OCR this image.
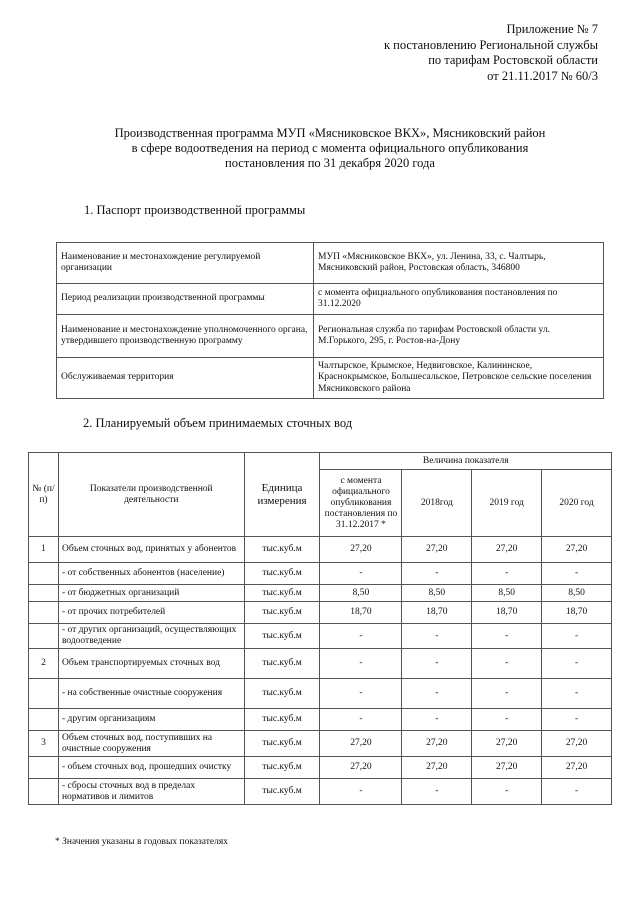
Приложение № 7
к постановлению Региональной службы
по тарифам Ростовской области
от 21.11.2017 № 60/3
Производственная программа МУП «Мясниковское ВКХ», Мясниковский район
в сфере водоотведения на период с момента официального опубликования
постановления по 31 декабря 2020 года
1. Паспорт производственной программы
Наименование и местонахождение регулируемой организации	МУП «Мясниковское ВКХ», ул. Ленина, 33, с. Чалтырь, Мясниковский район, Ростовская область, 346800
Период реализации производственной программы	с момента официального опубликования постановления по 31.12.2020
Наименование и местонахождение уполномоченного органа, утвердившего производственную программу	Региональная служба по тарифам Ростовской области ул. М.Горького, 295, г. Ростов-на-Дону
Обслуживаемая территория	Чалтырское, Крымское, Недвиговское, Калининское, Краснокрымское, Большесальское, Петровское сельские поселения Мясниковского района
2. Планируемый объем принимаемых сточных вод
№ (п/п)	Показатели производственной деятельности	Единица измерения	Величина показателя			
			с момента официального опубликования постановления по 31.12.2017 *	2018год	2019 год	2020 год
1	Объем сточных вод, принятых у абонентов	тыс.куб.м	27,20	27,20	27,20	27,20
	- от собственных абонентов (население)	тыс.куб.м	-	-	-	-
	- от бюджетных организаций	тыс.куб.м	8,50	8,50	8,50	8,50
	- от прочих потребителей	тыс.куб.м	18,70	18,70	18,70	18,70
	- от других организаций, осуществляющих водоотведение	тыс.куб.м	-	-	-	-
2	Объем транспортируемых сточных вод	тыс.куб.м	-	-	-	-
	- на собственные очистные сооружения	тыс.куб.м	-	-	-	-
	- другим организациям	тыс.куб.м	-	-	-	-
3	Объем сточных вод, поступивших на очистные сооружения	тыс.куб.м	27,20	27,20	27,20	27,20
	- объем сточных вод, прошедших очистку	тыс.куб.м	27,20	27,20	27,20	27,20
	- сбросы сточных вод в пределах нормативов и лимитов	тыс.куб.м	-	-	-	-
* Значения указаны в годовых показателях
